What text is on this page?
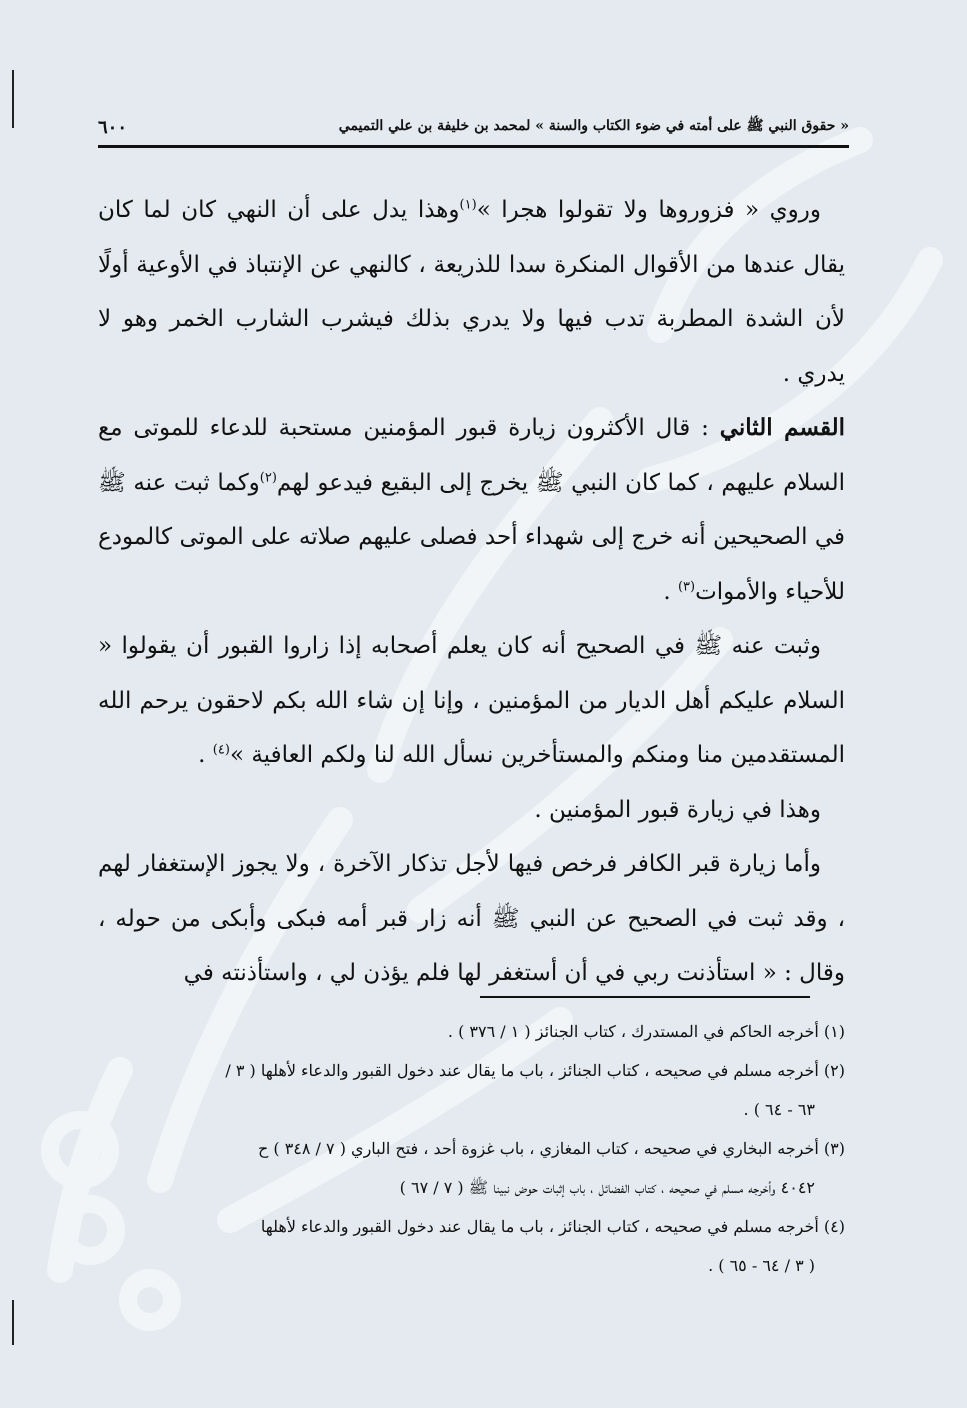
« حقوق النبي ﷺ على أمته في ضوء الكتاب والسنة » لمحمد بن خليفة بن علي التميمي
٦٠٠

وروي « فزوروها ولا تقولوا هجرا »$^{(١)}$وهذا يدل على أن النهي كان لما كان يقال عندها من الأقوال المنكرة سدا للذريعة ، كالنهي عن الإنتباذ في الأوعية أولًا لأن الشدة المطربة تدب فيها ولا يدري بذلك فيشرب الشارب الخمر وهو لا يدري .

القسم الثاني : قال الأكثرون زيارة قبور المؤمنين مستحبة للدعاء للموتى مع السلام عليهم ، كما كان النبي ﷺ يخرج إلى البقيع فيدعو لهم$^{(٢)}$وكما ثبت عنه ﷺ في الصحيحين أنه خرج إلى شهداء أحد فصلى عليهم صلاته على الموتى كالمودع للأحياء والأموات$^{(٣)}$ .

وثبت عنه ﷺ في الصحيح أنه كان يعلم أصحابه إذا زاروا القبور أن يقولوا « السلام عليكم أهل الديار من المؤمنين ، وإنا إن شاء الله بكم لاحقون يرحم الله المستقدمين منا ومنكم والمستأخرين نسأل الله لنا ولكم العافية »$^{(٤)}$ .

وهذا في زيارة قبور المؤمنين .

وأما زيارة قبر الكافر فرخص فيها لأجل تذكار الآخرة ، ولا يجوز الإستغفار لهم ، وقد ثبت في الصحيح عن النبي ﷺ أنه زار قبر أمه فبكى وأبكى من حوله ، وقال : « استأذنت ربي في أن أستغفر لها فلم يؤذن لي ، واستأذنته في

(١) أخرجه الحاكم في المستدرك ، كتاب الجنائز ( ١ / ٣٧٦ ) .

(٢) أخرجه مسلم في صحيحه ، كتاب الجنائز ، باب ما يقال عند دخول القبور والدعاء لأهلها ( ٣ /

٦٣ - ٦٤ ) .

(٣) أخرجه البخاري في صحيحه ، كتاب المغازي ، باب غزوة أحد ، فتح الباري ( ٧ / ٣٤٨ ) ح

٤٠٤٢ وأخرجه مسلم في صحيحه ، كتاب الفضائل ، باب إثبات حوض نبينا ﷺ ( ٧ / ٦٧ )

(٤) أخرجه مسلم في صحيحه ، كتاب الجنائز ، باب ما يقال عند دخول القبور والدعاء لأهلها

( ٣ / ٦٤ - ٦٥ ) .
